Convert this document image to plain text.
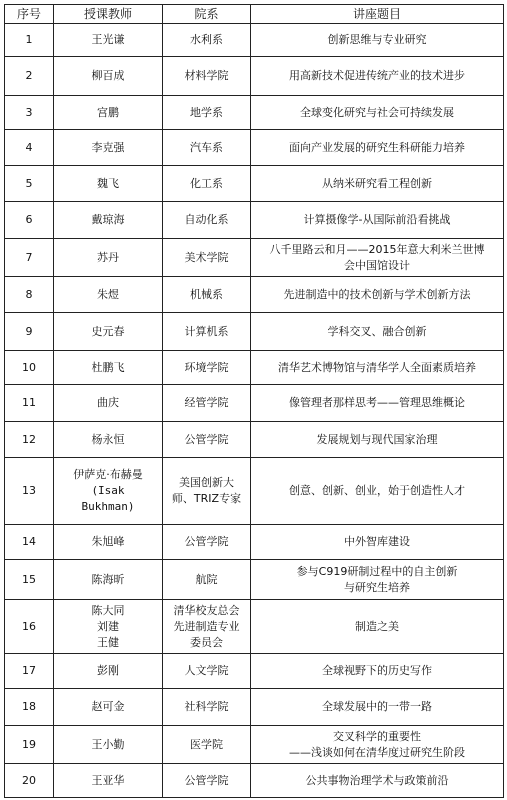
序号	授课教师	院系	讲座题目
1	王光谦	水利系	创新思维与专业研究

2	柳百成	材料学院	用高新技术促进传统产业的技术进步

3	宫鹏	地学系	全球变化研究与社会可持续发展

4	李克强	汽车系	面向产业发展的研究生科研能力培养

5	魏飞	化工系	从纳米研究看工程创新

6	戴琼海	自动化系	计算摄像学-从国际前沿看挑战

7	苏丹	美术学院	八千里路云和月——2015年意大利米兰世博
会中国馆设计

8	朱煜	机械系	先进制造中的技术创新与学术创新方法

9	史元春	计算机系	学科交叉、融合创新

10	杜鹏飞	环境学院	清华艺术博物馆与清华学人全面素质培养

11	曲庆	经管学院	像管理者那样思考——管理思维概论

12	杨永恒	公管学院	发展规划与现代国家治理

13	伊萨克·布赫曼
(Isak
Bukhman)	美国创新大
师、TRIZ专家	创意、创新、创业，始于创造性人才

14	朱旭峰	公管学院	中外智库建设

15	陈海昕	航院	参与C919研制过程中的自主创新
与研究生培养

16	陈大同
刘建
王健	清华校友总会
先进制造专业
委员会	制造之美

17	彭刚	人文学院	全球视野下的历史写作

18	赵可金	社科学院	全球发展中的一带一路

19	王小勤	医学院	交叉科学的重要性
——浅谈如何在清华度过研究生阶段

20	王亚华	公管学院	公共事物治理学术与政策前沿
